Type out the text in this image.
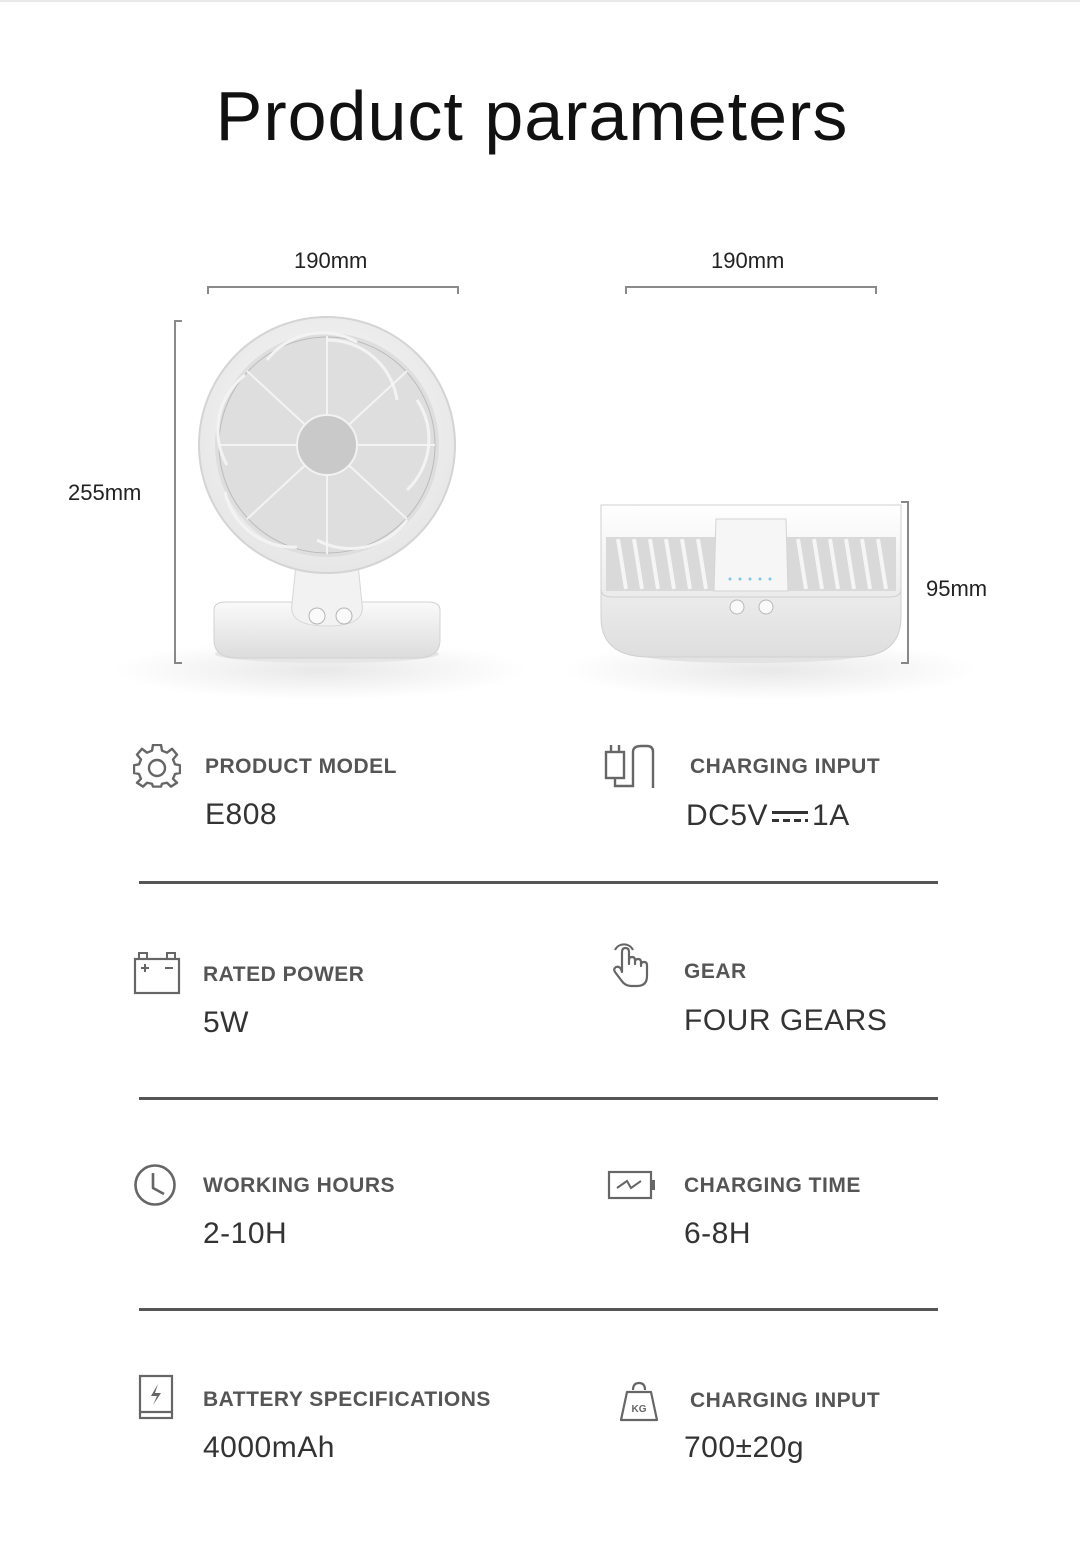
Product parameters
190mm	190mm
255mm
95mm
PRODUCT MODEL
E808
CHARGING INPUT
DC5V 1A
RATED POWER
5W
GEAR
FOUR GEARS
WORKING HOURS
2-10H
CHARGING TIME
6-8H
BATTERY SPECIFICATIONS
4000mAh
KG CHARGING INPUT
700±20g
